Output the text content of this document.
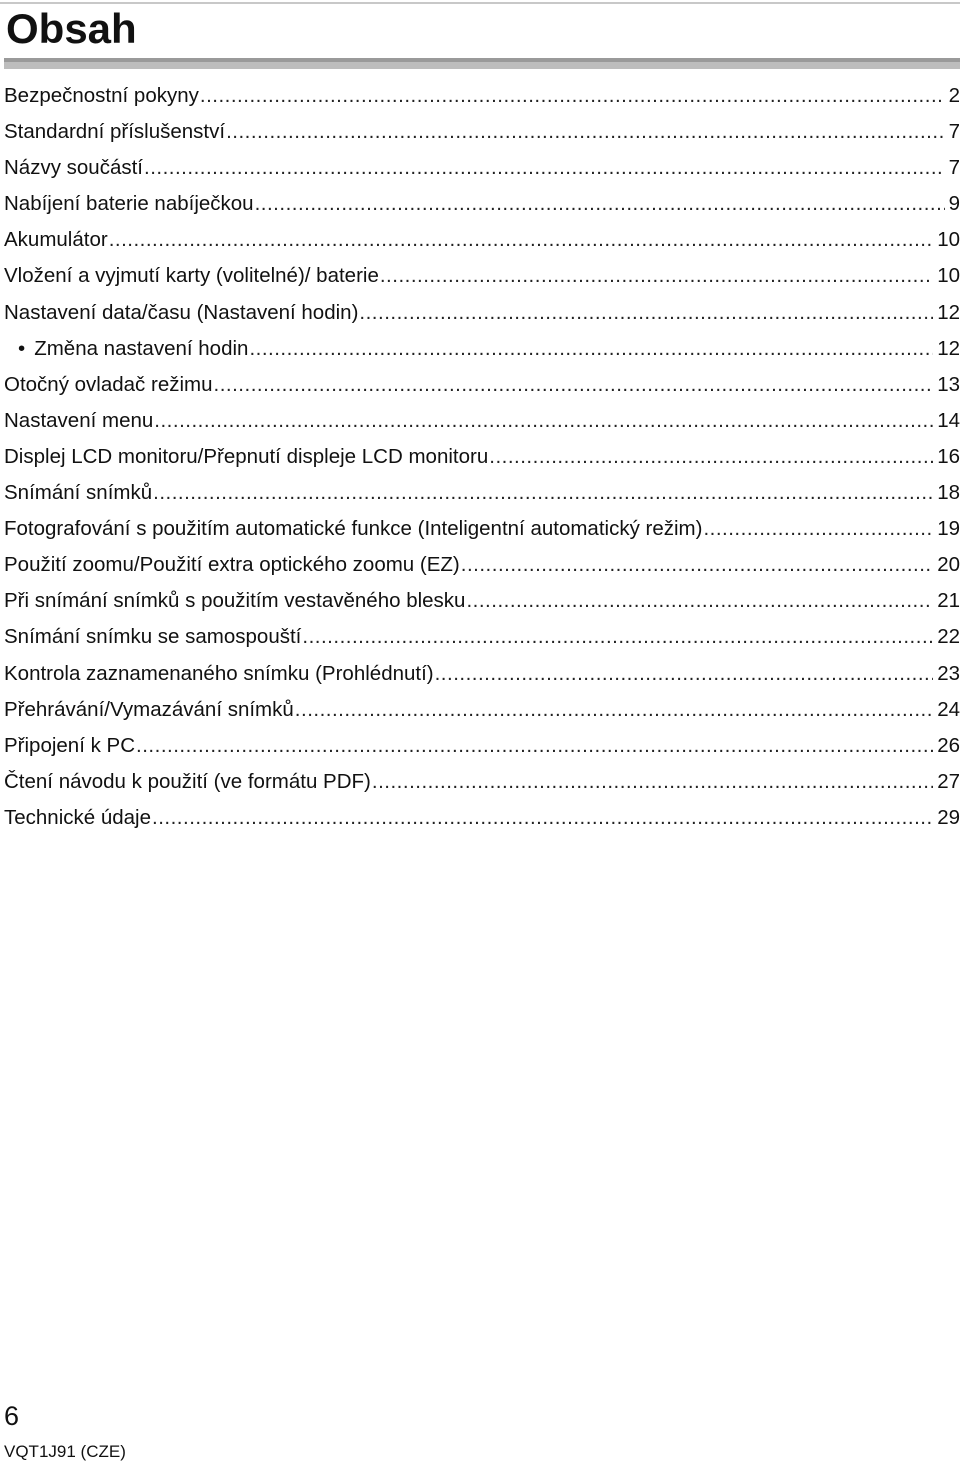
Obsah
Bezpečnostní pokyny .....	2
Standardní příslušenství .....	7
Názvy součástí .....	7
Nabíjení baterie nabíječkou .....	9
Akumulátor .....	10
Vložení a vyjmutí karty (volitelné)/ baterie .....	10
Nastavení data/času (Nastavení hodin) .....	12
• Změna nastavení hodin .....	12
Otočný ovladač režimu .....	13
Nastavení menu .....	14
Displej LCD monitoru/Přepnutí displeje LCD monitoru .....	16
Snímání snímků .....	18
Fotografování s použitím automatické funkce (Inteligentní automatický režim) .....	19
Použití zoomu/Použití extra optického zoomu (EZ) .....	20
Při snímání snímků s použitím vestavěného blesku .....	21
Snímání snímku se samospouští .....	22
Kontrola zaznamenaného snímku (Prohlédnutí) .....	23
Přehrávání/Vymazávání snímků .....	24
Připojení k PC .....	26
Čtení návodu k použití (ve formátu PDF) .....	27
Technické údaje .....	29

6

VQT1J91 (CZE)
